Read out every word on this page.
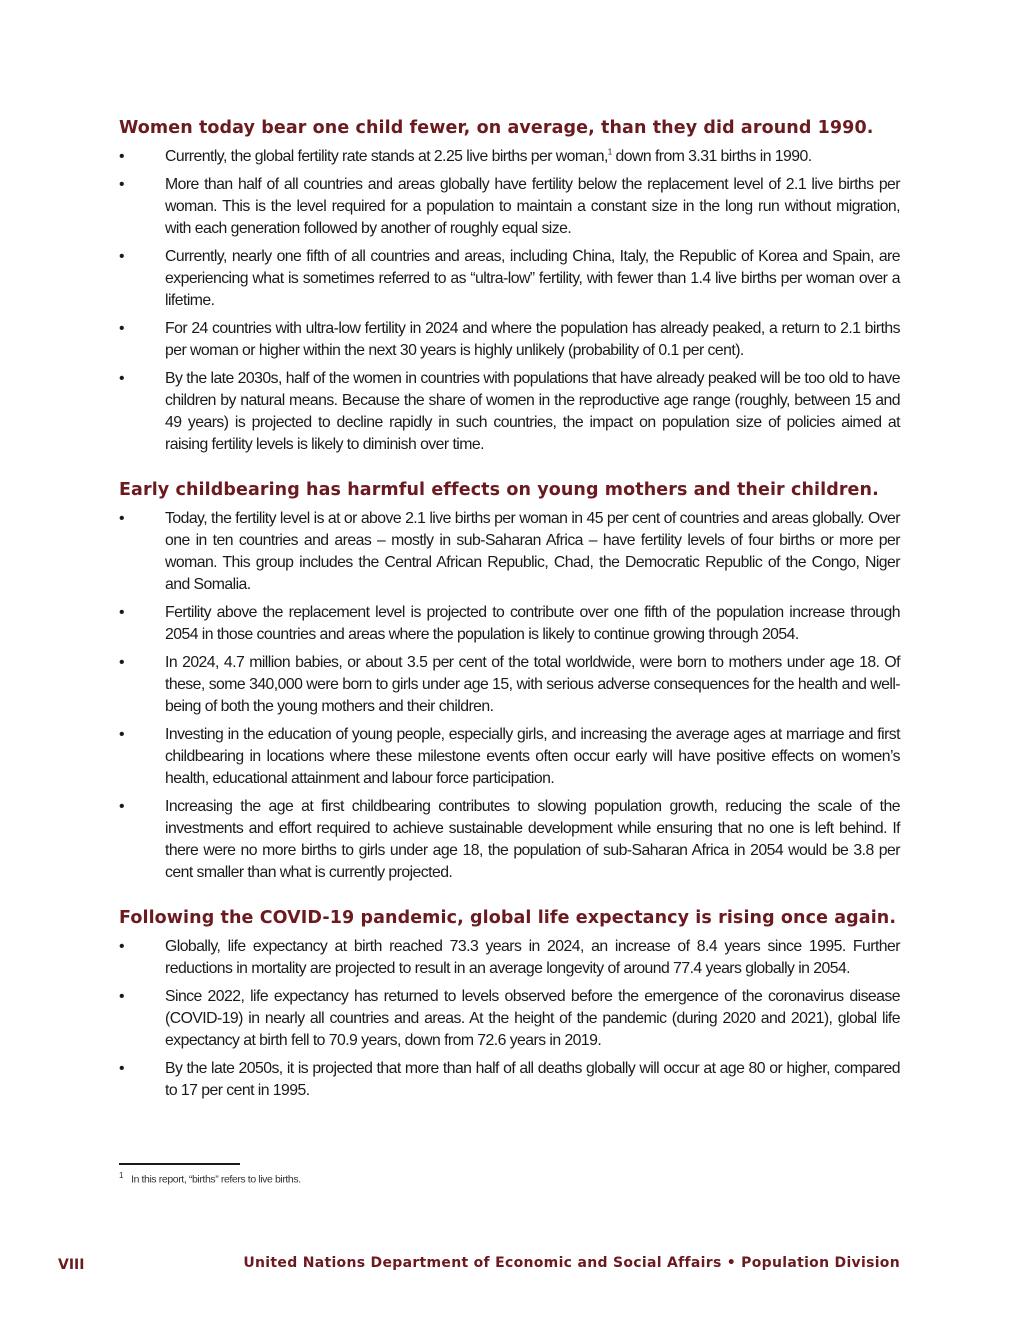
Women today bear one child fewer, on average, than they did around 1990.
•	Currently, the global fertility rate stands at 2.25 live births per woman,$^1$ down from 3.31 births in 1990.
•	More than half of all countries and areas globally have fertility below the replacement level of 2.1 live births per woman. This is the level required for a population to maintain a constant size in the long run without migration, with each generation followed by another of roughly equal size.
•	Currently, nearly one fifth of all countries and areas, including China, Italy, the Republic of Korea and Spain, are experiencing what is sometimes referred to as “ultra-low” fertility, with fewer than 1.4 live births per woman over a lifetime.
•	For 24 countries with ultra-low fertility in 2024 and where the population has already peaked, a return to 2.1 births per woman or higher within the next 30 years is highly unlikely (probability of 0.1 per cent).
•	By the late 2030s, half of the women in countries with populations that have already peaked will be too old to have children by natural means. Because the share of women in the reproductive age range (roughly, between 15 and 49 years) is projected to decline rapidly in such countries, the impact on population size of policies aimed at raising fertility levels is likely to diminish over time.
Early childbearing has harmful effects on young mothers and their children.
•	Today, the fertility level is at or above 2.1 live births per woman in 45 per cent of countries and areas globally. Over one in ten countries and areas – mostly in sub-Saharan Africa – have fertility levels of four births or more per woman. This group includes the Central African Republic, Chad, the Democratic Republic of the Congo, Niger and Somalia.
•	Fertility above the replacement level is projected to contribute over one fifth of the population increase through 2054 in those countries and areas where the population is likely to continue growing through 2054.
•	In 2024, 4.7 million babies, or about 3.5 per cent of the total worldwide, were born to mothers under age 18. Of these, some 340,000 were born to girls under age 15, with serious adverse consequences for the health and well-being of both the young mothers and their children.
•	Investing in the education of young people, especially girls, and increasing the average ages at marriage and first childbearing in locations where these milestone events often occur early will have positive effects on women’s health, educational attainment and labour force participation.
•	Increasing the age at first childbearing contributes to slowing population growth, reducing the scale of the investments and effort required to achieve sustainable development while ensuring that no one is left behind. If there were no more births to girls under age 18, the population of sub-Saharan Africa in 2054 would be 3.8 per cent smaller than what is currently projected.
Following the COVID-19 pandemic, global life expectancy is rising once again.
•	Globally, life expectancy at birth reached 73.3 years in 2024, an increase of 8.4 years since 1995. Further reductions in mortality are projected to result in an average longevity of around 77.4 years globally in 2054.
•	Since 2022, life expectancy has returned to levels observed before the emergence of the coronavirus disease (COVID-19) in nearly all countries and areas. At the height of the pandemic (during 2020 and 2021), global life expectancy at birth fell to 70.9 years, down from 72.6 years in 2019.
•	By the late 2050s, it is projected that more than half of all deaths globally will occur at age 80 or higher, compared to 17 per cent in 1995.
$^1$ In this report, “births” refers to live births.
VIII	United Nations Department of Economic and Social Affairs • Population Division
